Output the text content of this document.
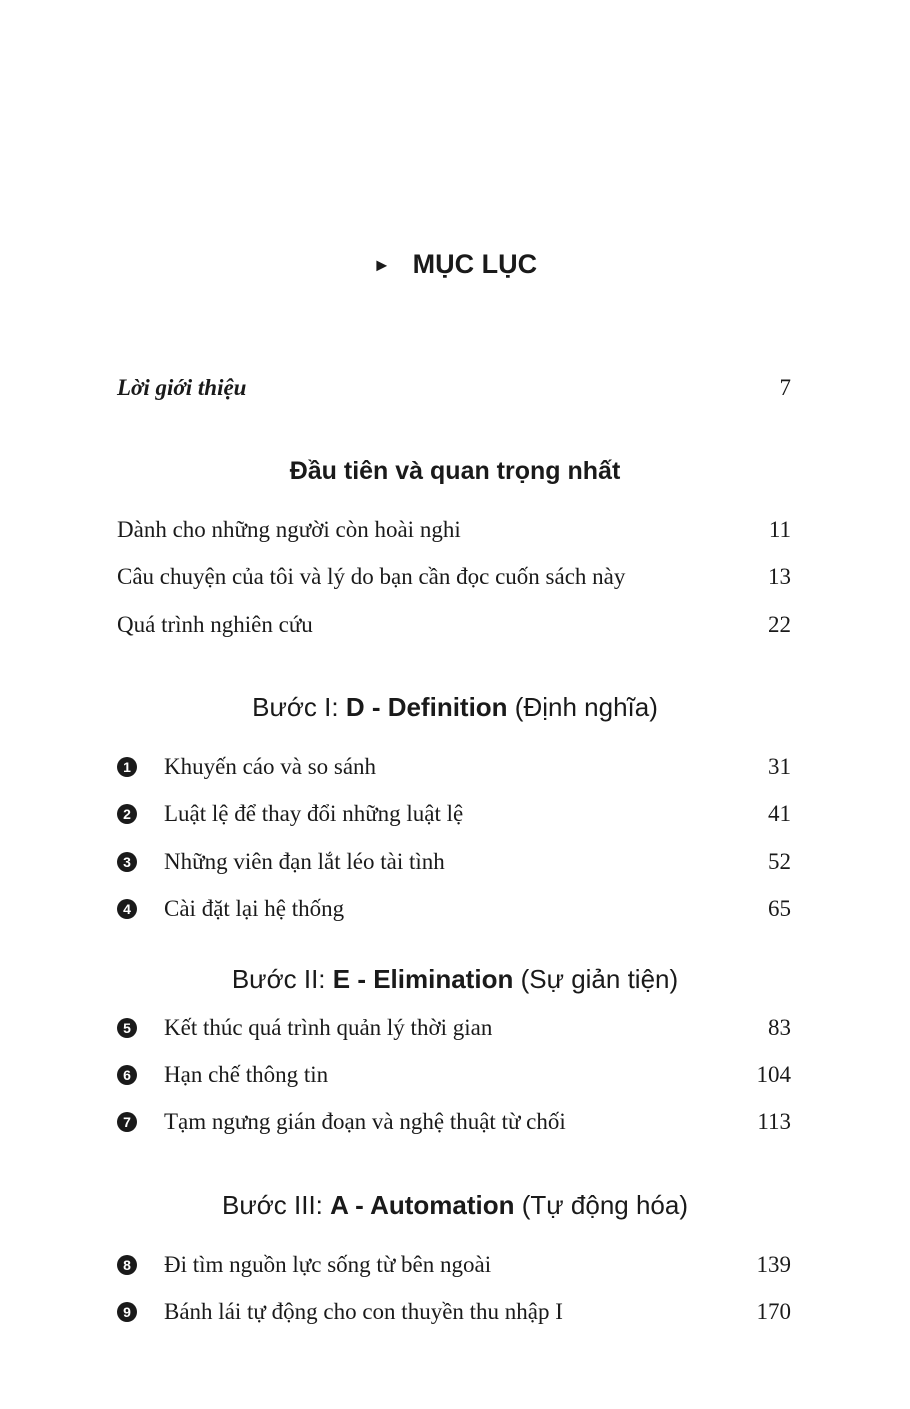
► MỤC LỤC
Lời giới thiệu	7
Đầu tiên và quan trọng nhất
Dành cho những người còn hoài nghi	11
Câu chuyện của tôi và lý do bạn cần đọc cuốn sách này	13
Quá trình nghiên cứu	22
Bước I: D - Definition (Định nghĩa)
1 Khuyến cáo và so sánh	31
2 Luật lệ để thay đổi những luật lệ	41
3 Những viên đạn lắt léo tài tình	52
4 Cài đặt lại hệ thống	65
Bước II: E - Elimination (Sự giản tiện)
5 Kết thúc quá trình quản lý thời gian	83
6 Hạn chế thông tin	104
7 Tạm ngưng gián đoạn và nghệ thuật từ chối	113
Bước III: A - Automation (Tự động hóa)
8 Đi tìm nguồn lực sống từ bên ngoài	139
9 Bánh lái tự động cho con thuyền thu nhập I	170
